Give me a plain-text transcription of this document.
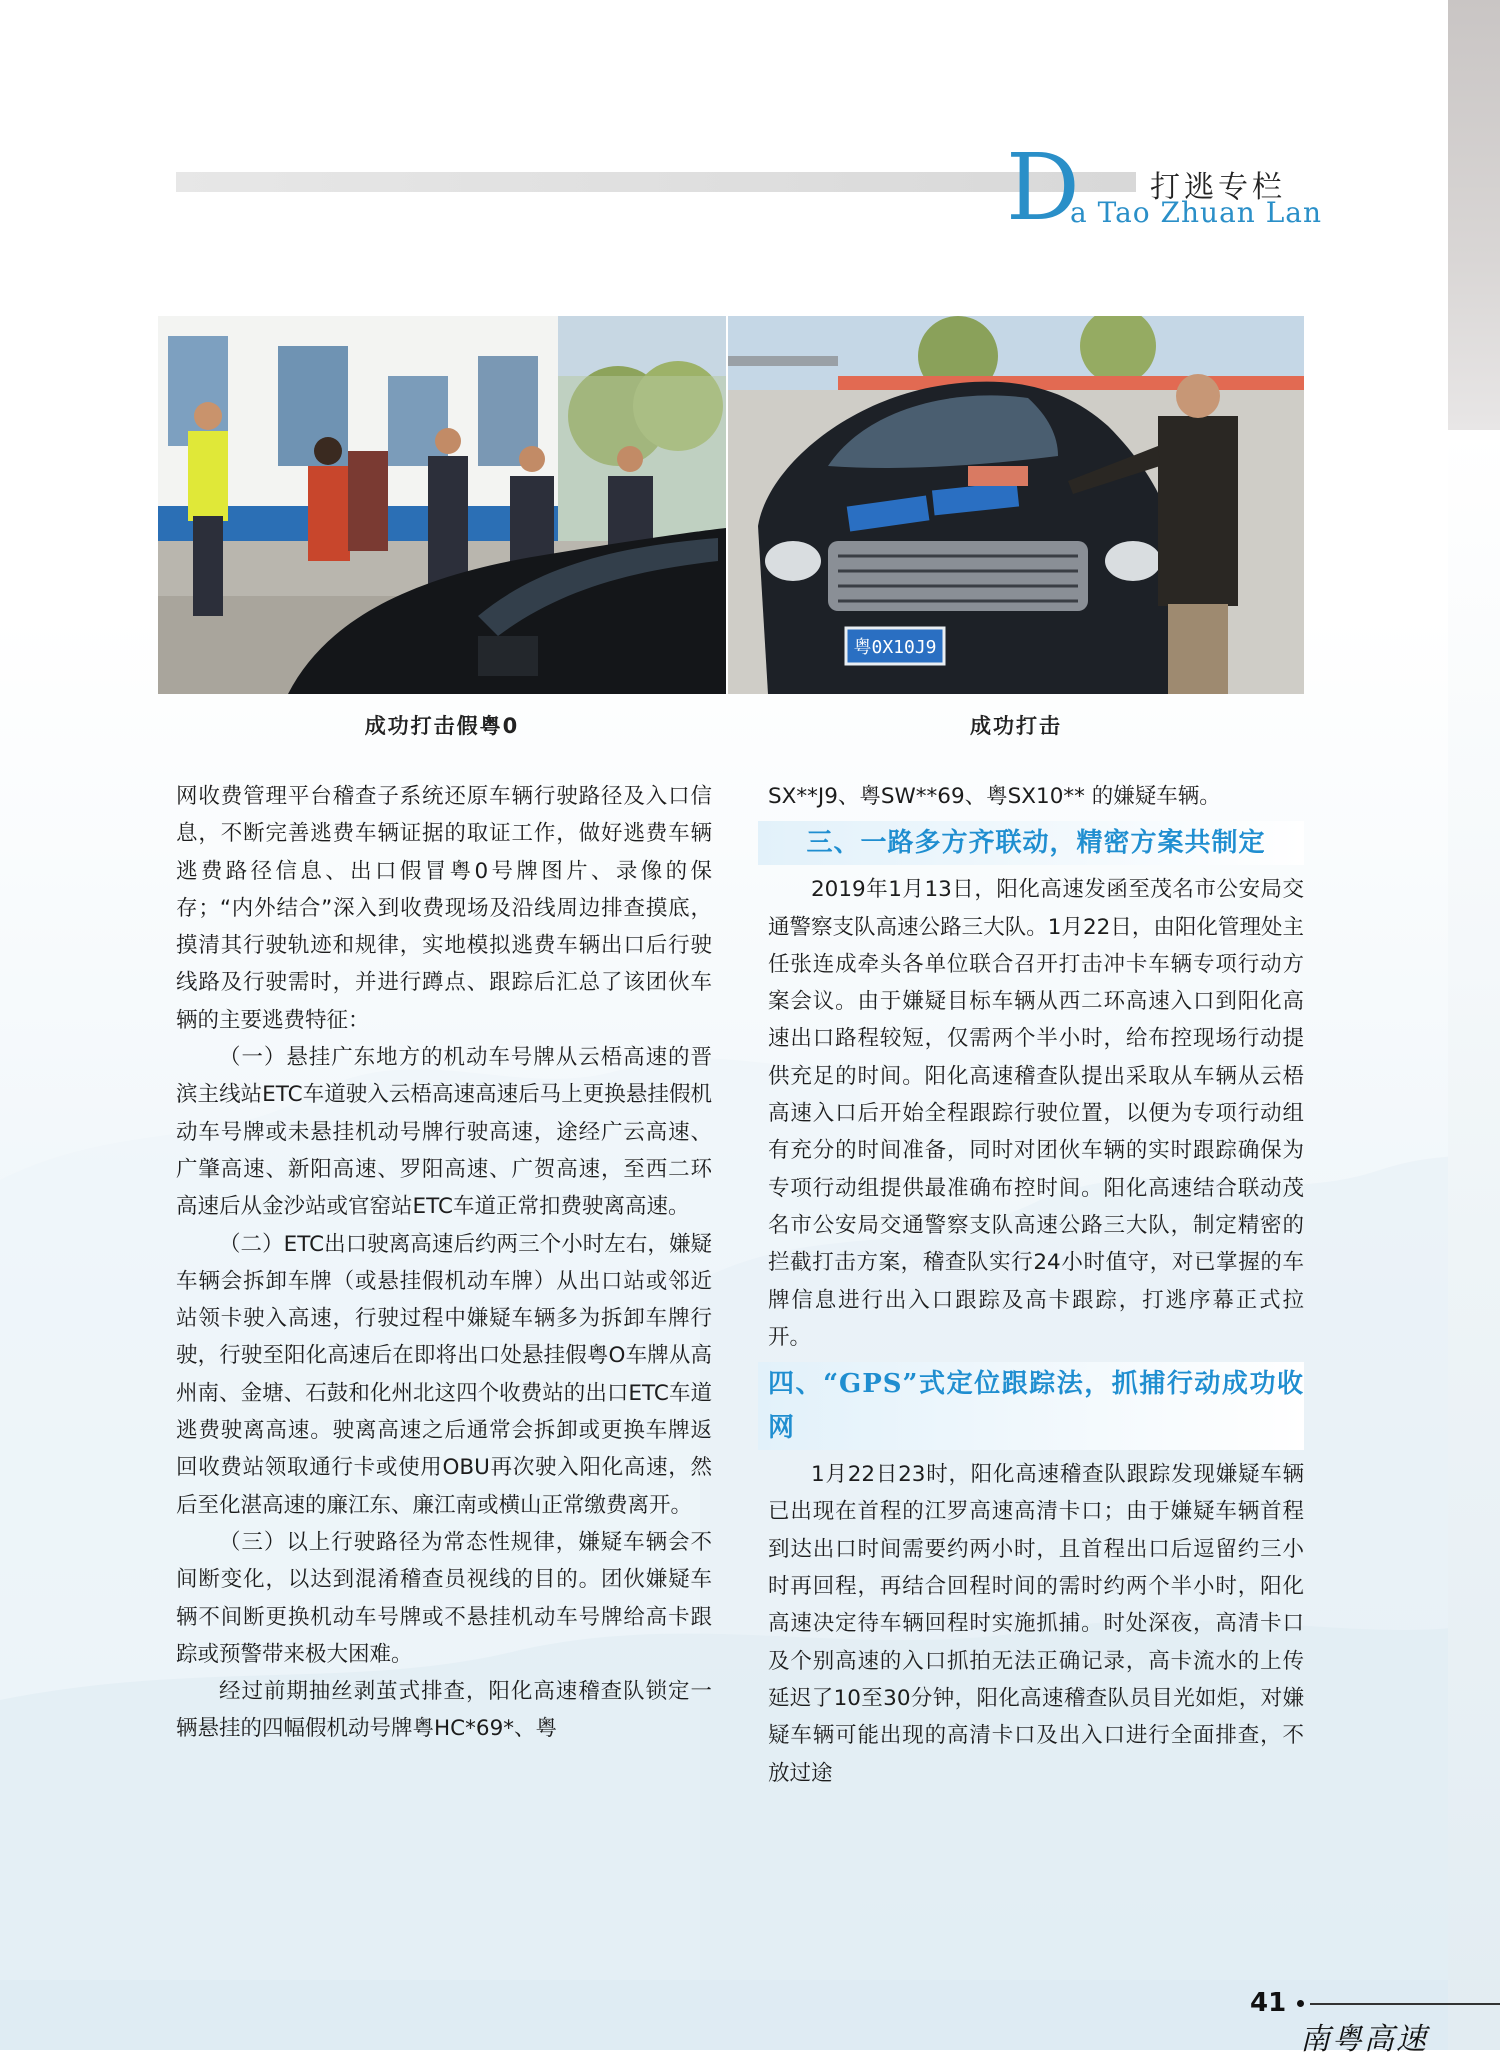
D 打逃专栏
a Tao Zhuan Lan
粤0X10J9
成功打击假粤0	成功打击

网收费管理平台稽查子系统还原车辆行驶路径及入口信息，不断完善逃费车辆证据的取证工作，做好逃费车辆逃费路径信息、出口假冒粤0号牌图片、录像的保存；“内外结合”深入到收费现场及沿线周边排查摸底，摸清其行驶轨迹和规律，实地模拟逃费车辆出口后行驶线路及行驶需时，并进行蹲点、跟踪后汇总了该团伙车辆的主要逃费特征：

（一）悬挂广东地方的机动车号牌从云梧高速的晋滨主线站ETC车道驶入云梧高速高速后马上更换悬挂假机动车号牌或未悬挂机动号牌行驶高速，途经广云高速、广肇高速、新阳高速、罗阳高速、广贺高速，至西二环高速后从金沙站或官窑站ETC车道正常扣费驶离高速。

（二）ETC出口驶离高速后约两三个小时左右，嫌疑车辆会拆卸车牌（或悬挂假机动车牌）从出口站或邻近站领卡驶入高速，行驶过程中嫌疑车辆多为拆卸车牌行驶，行驶至阳化高速后在即将出口处悬挂假粤O车牌从高州南、金塘、石鼓和化州北这四个收费站的出口ETC车道逃费驶离高速。驶离高速之后通常会拆卸或更换车牌返回收费站领取通行卡或使用OBU再次驶入阳化高速，然后至化湛高速的廉江东、廉江南或横山正常缴费离开。

（三）以上行驶路径为常态性规律，嫌疑车辆会不间断变化，以达到混淆稽查员视线的目的。团伙嫌疑车辆不间断更换机动车号牌或不悬挂机动车号牌给高卡跟踪或预警带来极大困难。

经过前期抽丝剥茧式排查，阳化高速稽查队锁定一辆悬挂的四幅假机动号牌粤HC*69*、粤

SX**J9、粤SW**69、粤SX10** 的嫌疑车辆。

三、一路多方齐联动，精密方案共制定

2019年1月13日，阳化高速发函至茂名市公安局交通警察支队高速公路三大队。1月22日，由阳化管理处主任张连成牵头各单位联合召开打击冲卡车辆专项行动方案会议。由于嫌疑目标车辆从西二环高速入口到阳化高速出口路程较短，仅需两个半小时，给布控现场行动提供充足的时间。阳化高速稽查队提出采取从车辆从云梧高速入口后开始全程跟踪行驶位置，以便为专项行动组有充分的时间准备，同时对团伙车辆的实时跟踪确保为专项行动组提供最准确布控时间。阳化高速结合联动茂名市公安局交通警察支队高速公路三大队，制定精密的拦截打击方案，稽查队实行24小时值守，对已掌握的车牌信息进行出入口跟踪及高卡跟踪，打逃序幕正式拉开。

四、“GPS”式定位跟踪法，抓捕行动成功收网

1月22日23时，阳化高速稽查队跟踪发现嫌疑车辆已出现在首程的江罗高速高清卡口；由于嫌疑车辆首程到达出口时间需要约两小时，且首程出口后逗留约三小时再回程，再结合回程时间的需时约两个半小时，阳化高速决定待车辆回程时实施抓捕。时处深夜，高清卡口及个别高速的入口抓拍无法正确记录，高卡流水的上传延迟了10至30分钟，阳化高速稽查队员目光如炬，对嫌疑车辆可能出现的高清卡口及出入口进行全面排查，不放过途

41
南粤高速
